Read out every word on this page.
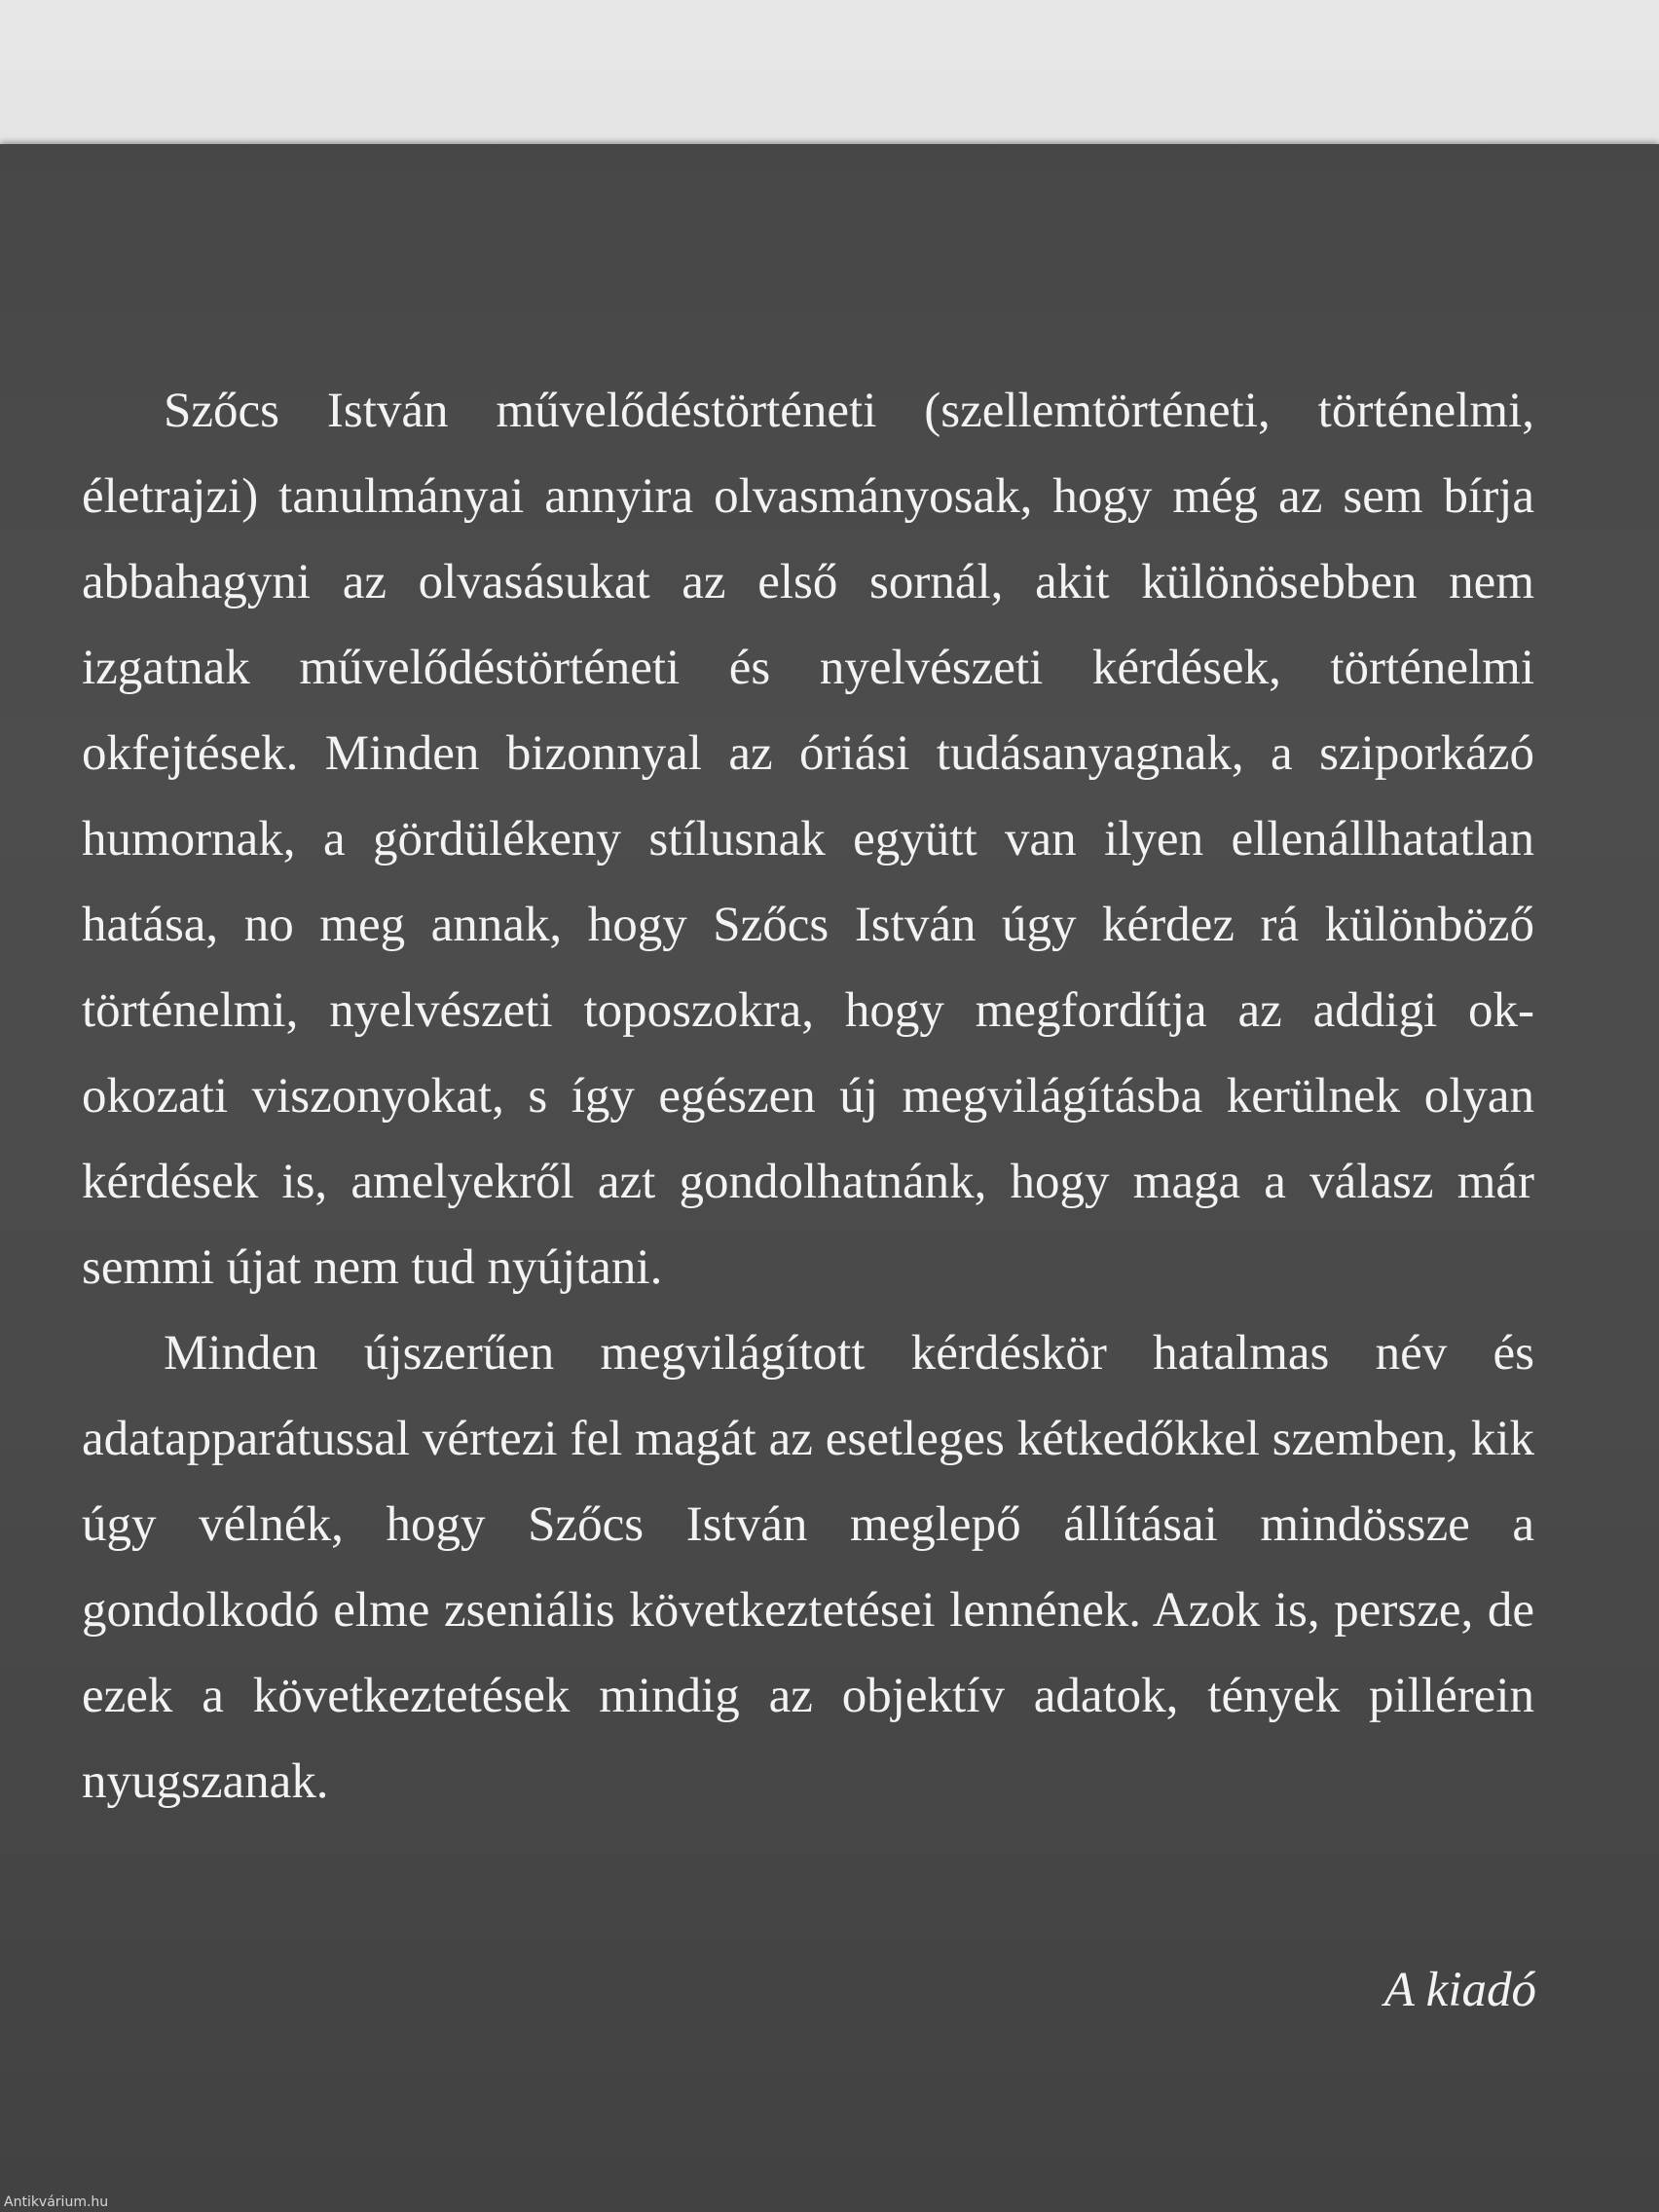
Szőcs István művelődéstörténeti (szellemtörténeti, történelmi, életrajzi) tanulmányai annyira olvasmányosak, hogy még az sem bírja abbahagyni az olvasásukat az első sornál, akit különösebben nem izgatnak művelődéstörténeti és nyelvészeti kérdések, történelmi okfejtések. Minden bizonnyal az óriási tudásanyagnak, a sziporkázó humornak, a gördülékeny stílusnak együtt van ilyen ellenállhatatlan hatása, no meg annak, hogy Szőcs István úgy kérdez rá különböző történelmi, nyelvészeti toposzokra, hogy megfordítja az addigi ok-okozati viszonyokat, s így egészen új megvilágításba kerülnek olyan kérdések is, amelyekről azt gondolhatnánk, hogy maga a válasz már semmi újat nem tud nyújtani.

Minden újszerűen megvilágított kérdéskör hatalmas név és adatapparátussal vértezi fel magát az esetleges kétkedőkkel szemben, kik úgy vélnék, hogy Szőcs István meglepő állításai mindössze a gondolkodó elme zseniális következtetései lennének. Azok is, persze, de ezek a következtetések mindig az objektív adatok, tények pillérein nyugszanak.

A kiadó
Antikvárium.hu
